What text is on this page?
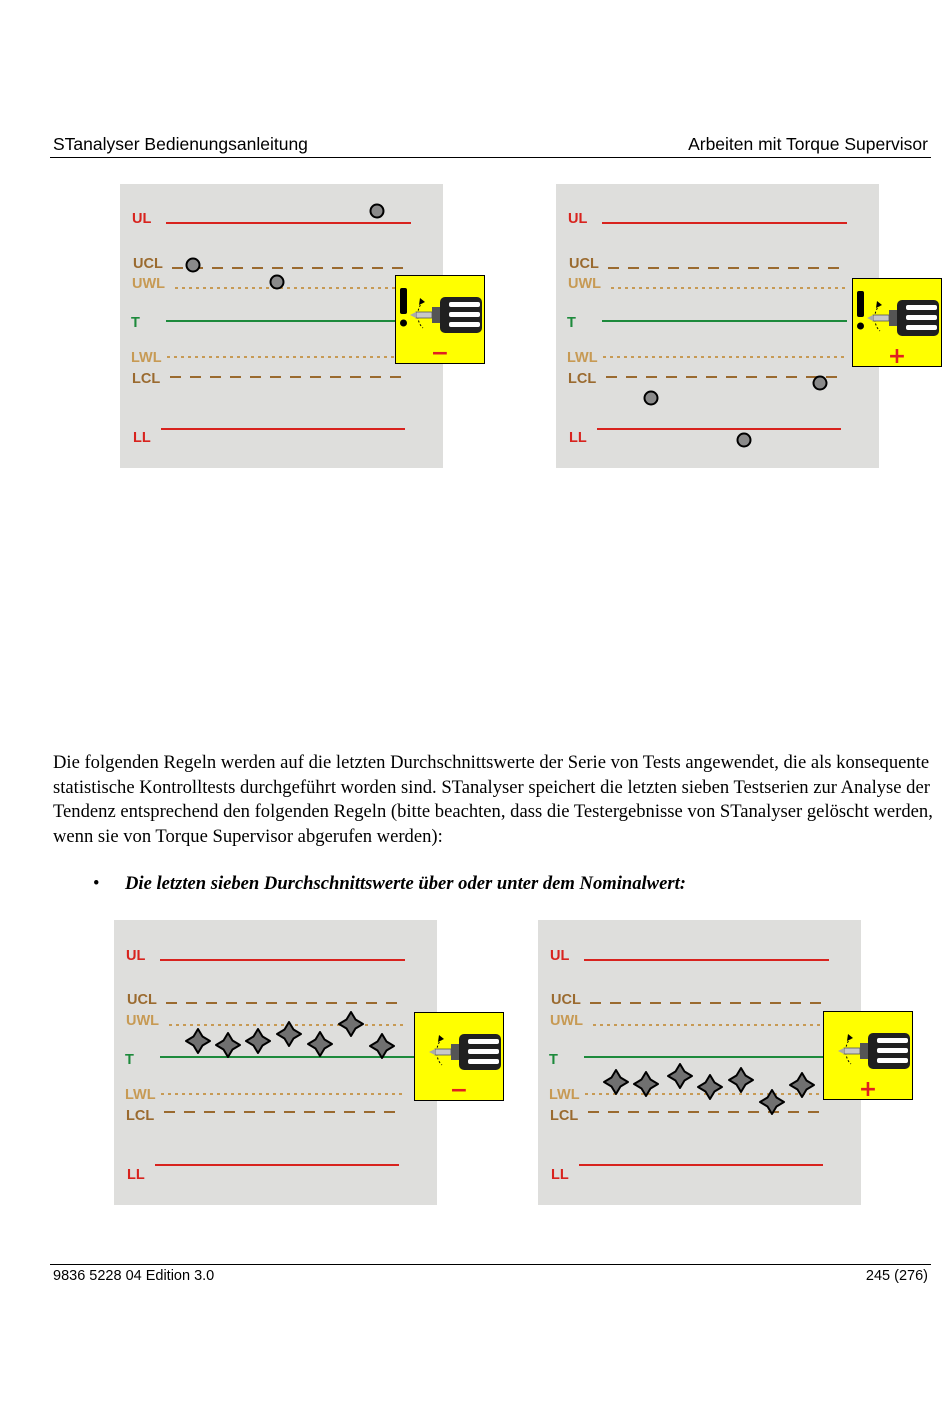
STanalyser Bedienungsanleitung	Arbeiten mit Torque Supervisor
UL
UCL
UWL
T
LWL
LCL
LL
−
UL
UCL
UWL
T
LWL
LCL
LL
+
Die folgenden Regeln werden auf die letzten Durchschnittswerte der Serie von Tests angewendet, die als konsequente statistische Kontrolltests durchgeführt worden sind. STanalyser speichert die letzten sieben Testserien zur Analyse der Tendenz entsprechend den folgenden Regeln (bitte beachten, dass die Testergebnisse von STanalyser gelöscht werden, wenn sie von Torque Supervisor abgerufen werden):
• Die letzten sieben Durchschnittswerte über oder unter dem Nominalwert:
UL
UCL
UWL
T
LWL
LCL
LL
−
UL
UCL
UWL
T
LWL
LCL
LL
+
9836 5228 04 Edition 3.0	245 (276)
